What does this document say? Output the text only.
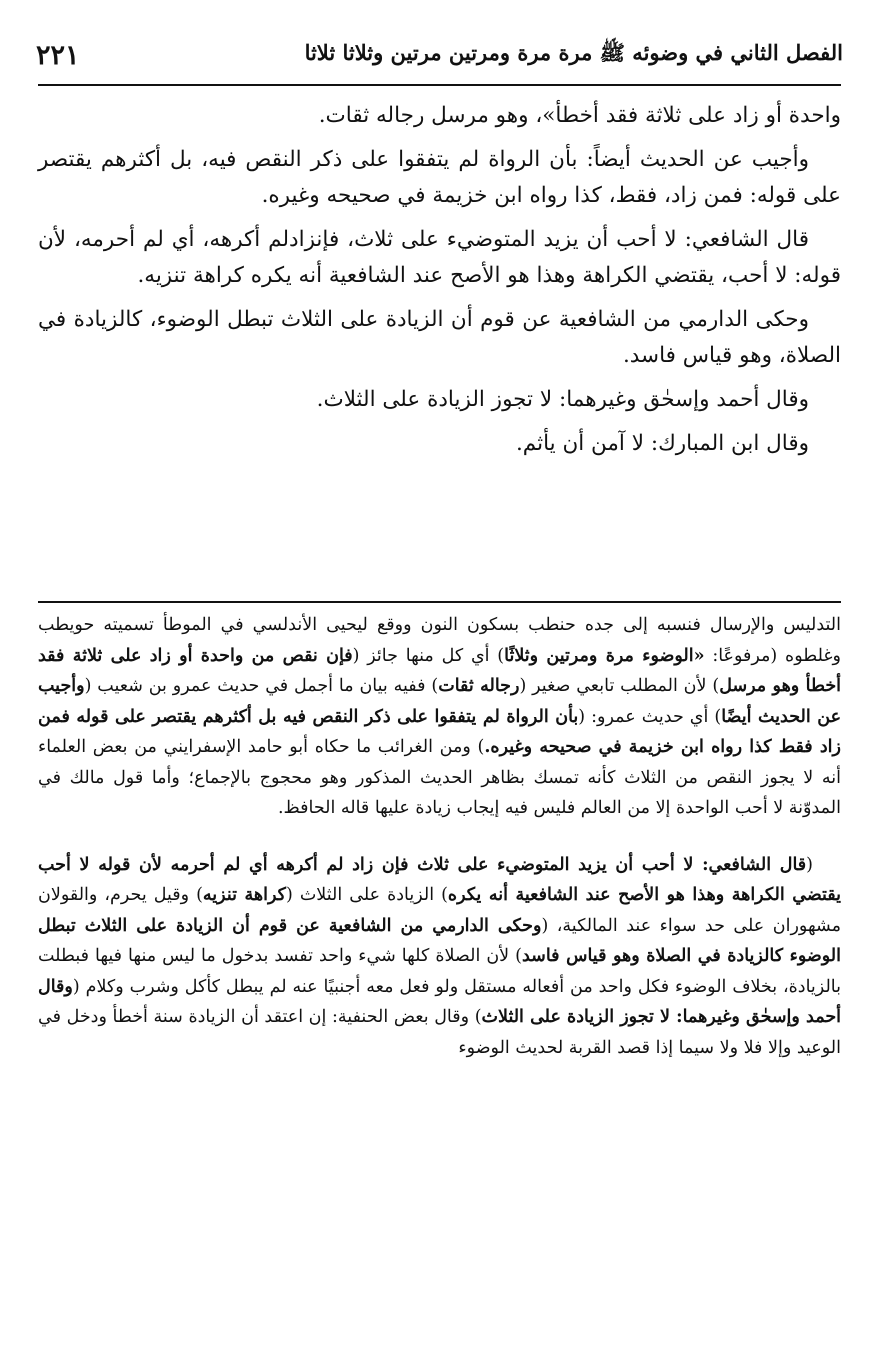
الفصل الثاني في وضوئه ﷺ مرة مرة ومرتين مرتين وثلاثا ثلاثا
٢٢١

واحدة أو زاد على ثلاثة فقد أخطأ»، وهو مرسل رجاله ثقات.

وأجيب عن الحديث أيضاً: بأن الرواة لم يتفقوا على ذكر النقص فيه، بل أكثرهم يقتصر على قوله: فمن زاد، فقط، كذا رواه ابن خزيمة في صحيحه وغيره.

قال الشافعي: لا أحب أن يزيد المتوضيء على ثلاث، فإنزادلم أكرهه، أي لم أحرمه، لأن قوله: لا أحب، يقتضي الكراهة وهذا هو الأصح عند الشافعية أنه يكره كراهة تنزيه.

وحكى الدارمي من الشافعية عن قوم أن الزيادة على الثلاث تبطل الوضوء، كالزيادة في الصلاة، وهو قياس فاسد.

وقال أحمد وإسحٰق وغيرهما: لا تجوز الزيادة على الثلاث.

وقال ابن المبارك: لا آمن أن يأثم.

التدليس والإرسال فنسبه إلى جده حنطب بسكون النون ووقع ليحيى الأندلسي في الموطأ تسميته حويطب وغلطوه (مرفوعًا: «الوضوء مرة ومرتين وثلاثًا) أي كل منها جائز (فإن نقص من واحدة أو زاد على ثلاثة فقد أخطأ وهو مرسل) لأن المطلب تابعي صغير (رجاله ثقات) ففيه بيان ما أجمل في حديث عمرو بن شعيب (وأجيب عن الحديث أيضًا) أي حديث عمرو: (بأن الرواة لم يتفقوا على ذكر النقص فيه بل أكثرهم يقتصر على قوله فمن زاد فقط كذا رواه ابن خزيمة في صحيحه وغيره.) ومن الغرائب ما حكاه أبو حامد الإسفرايني من بعض العلماء أنه لا يجوز النقص من الثلاث كأنه تمسك بظاهر الحديث المذكور وهو محجوج بالإجماع؛ وأما قول مالك في المدوّنة لا أحب الواحدة إلا من العالم فليس فيه إيجاب زيادة عليها قاله الحافظ.

(قال الشافعي: لا أحب أن يزيد المتوضيء على ثلاث فإن زاد لم أكرهه أي لم أحرمه لأن قوله لا أحب يقتضي الكراهة وهذا هو الأصح عند الشافعية أنه يكره) الزيادة على الثلاث (كراهة تنزيه) وقيل يحرم، والقولان مشهوران على حد سواء عند المالكية، (وحكى الدارمي من الشافعية عن قوم أن الزيادة على الثلاث تبطل الوضوء كالزيادة في الصلاة وهو قياس فاسد) لأن الصلاة كلها شيء واحد تفسد بدخول ما ليس منها فيها فبطلت بالزيادة، بخلاف الوضوء فكل واحد من أفعاله مستقل ولو فعل معه أجنبيًا عنه لم يبطل كأكل وشرب وكلام (وقال أحمد وإسحٰق وغيرهما: لا تجوز الزيادة على الثلاث) وقال بعض الحنفية: إن اعتقد أن الزيادة سنة أخطأ ودخل في الوعيد وإلا فلا ولا سيما إذا قصد القربة لحديث الوضوء
